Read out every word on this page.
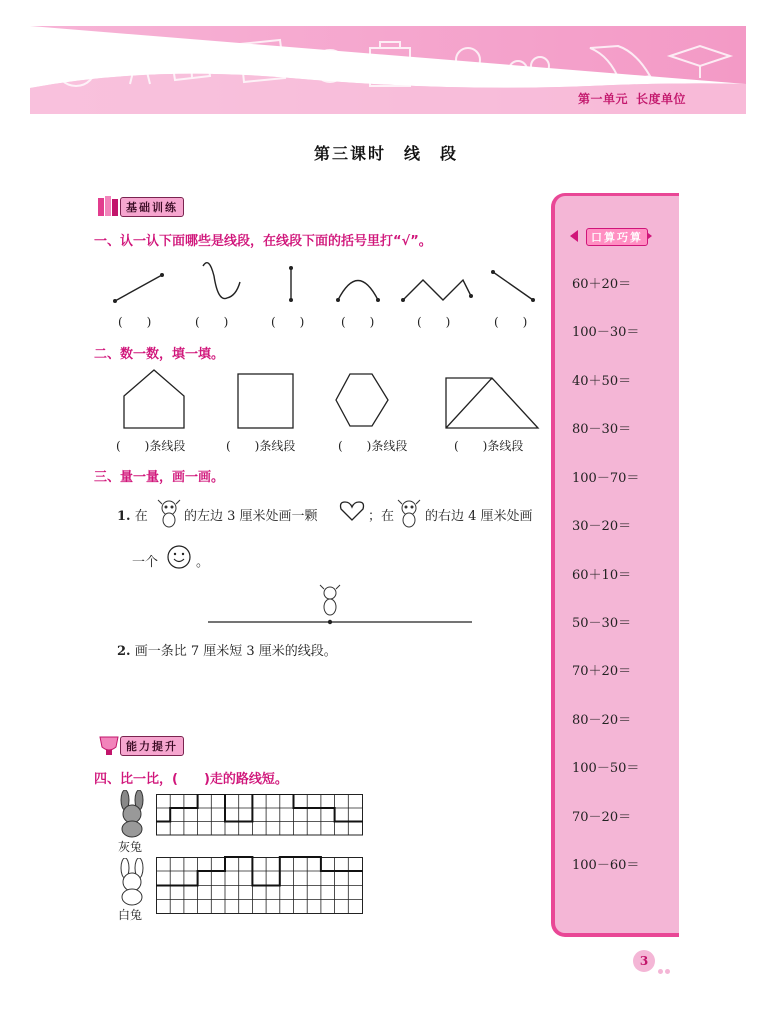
第一单元 长度单位
第三课时　线　段
基础训练
一、认一认下面哪些是线段，在线段下面的括号里打“√”。
(　　)	(　　)	(　　)	(　　)	(　　)	(　　)
二、数一数，填一填。
(　　)条线段	(　　)条线段	(　　)条线段	(　　)条线段
三、量一量，画一画。
1. 在	的左边 3 厘米处画一颗	；在 的右边 4 厘米处画
一个	。
2. 画一条比 7 厘米短 3 厘米的线段。
能力提升
四、比一比，(　　)走的路线短。
灰兔
白兔
口算巧算
60＋20＝
100－30＝
40＋50＝
80－30＝
100－70＝
30－20＝
60＋10＝
50－30＝
70＋20＝
80－20＝
100－50＝
70－20＝
100－60＝
3
